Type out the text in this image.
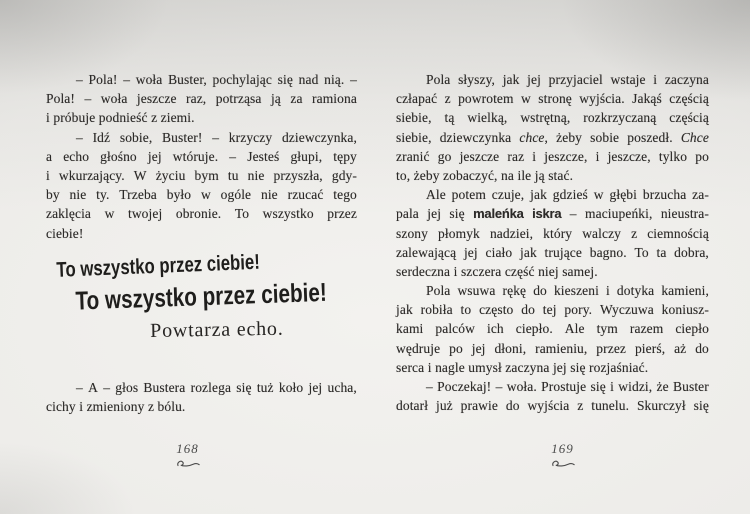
– Pola! – woła Buster, pochylając się nad nią. –
Pola! – woła jeszcze raz, potrząsa ją za ramiona
i próbuje podnieść z ziemi.
– Idź sobie, Buster! – krzyczy dziewczynka,
a echo głośno jej wtóruje. – Jesteś głupi, tępy
i wkurzający. W życiu bym tu nie przyszła, gdy-
by nie ty. Trzeba było w ogóle nie rzucać tego
zaklęcia w twojej obronie. To wszystko przez
ciebie!
To wszystko przez ciebie!
To wszystko przez ciebie!
Powtarza echo.
– A – głos Bustera rozlega się tuż koło jej ucha,
cichy i zmieniony z bólu.
168
Pola słyszy, jak jej przyjaciel wstaje i zaczyna
człapać z powrotem w stronę wyjścia. Jakąś częścią
siebie, tą wielką, wstrętną, rozkrzyczaną częścią
siebie, dziewczynka chce, żeby sobie poszedł. Chce
zranić go jeszcze raz i jeszcze, i jeszcze, tylko po
to, żeby zobaczyć, na ile ją stać.
Ale potem czuje, jak gdzieś w głębi brzucha za-
pala jej się maleńka iskra – maciupeńki, nieustra-
szony płomyk nadziei, który walczy z ciemnością
zalewającą jej ciało jak trujące bagno. To ta dobra,
serdeczna i szczera część niej samej.
Pola wsuwa rękę do kieszeni i dotyka kamieni,
jak robiła to często do tej pory. Wyczuwa koniusz-
kami palców ich ciepło. Ale tym razem ciepło
wędruje po jej dłoni, ramieniu, przez pierś, aż do
serca i nagle umysł zaczyna jej się rozjaśniać.
– Poczekaj! – woła. Prostuje się i widzi, że Buster
dotarł już prawie do wyjścia z tunelu. Skurczył się
169
